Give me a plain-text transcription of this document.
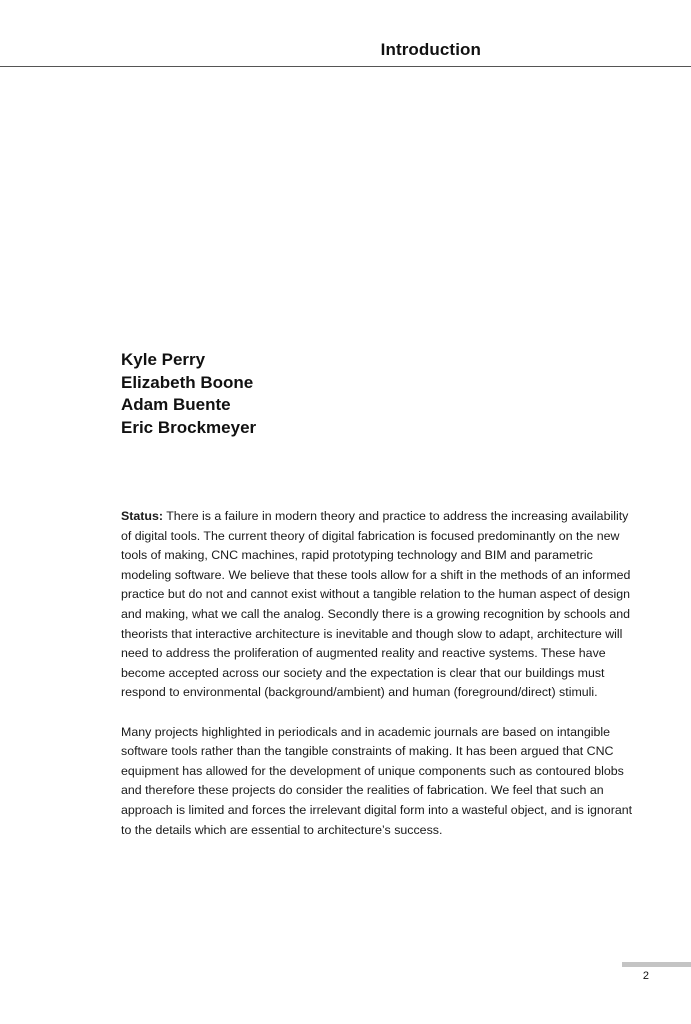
Introduction
Kyle Perry
Elizabeth Boone
Adam Buente
Eric Brockmeyer

Status: There is a failure in modern theory and practice to address the increasing availability of digital tools. The current theory of digital fabrication is focused predominantly on the new tools of making, CNC machines, rapid prototyping technology and BIM and parametric modeling software. We believe that these tools allow for a shift in the methods of an informed practice but do not and cannot exist without a tangible relation to the human aspect of design and making, what we call the analog. Secondly there is a growing recognition by schools and theorists that interactive architecture is inevitable and though slow to adapt, architecture will need to address the proliferation of augmented reality and reactive systems. These have become accepted across our society and the expectation is clear that our buildings must respond to environmental (background/ambient) and human (foreground/direct) stimuli.

Many projects highlighted in periodicals and in academic journals are based on intangible software tools rather than the tangible constraints of making. It has been argued that CNC equipment has allowed for the development of unique components such as contoured blobs and therefore these projects do consider the realities of fabrication. We feel that such an approach is limited and forces the irrelevant digital form into a wasteful object, and is ignorant to the details which are essential to architecture’s success.

2
